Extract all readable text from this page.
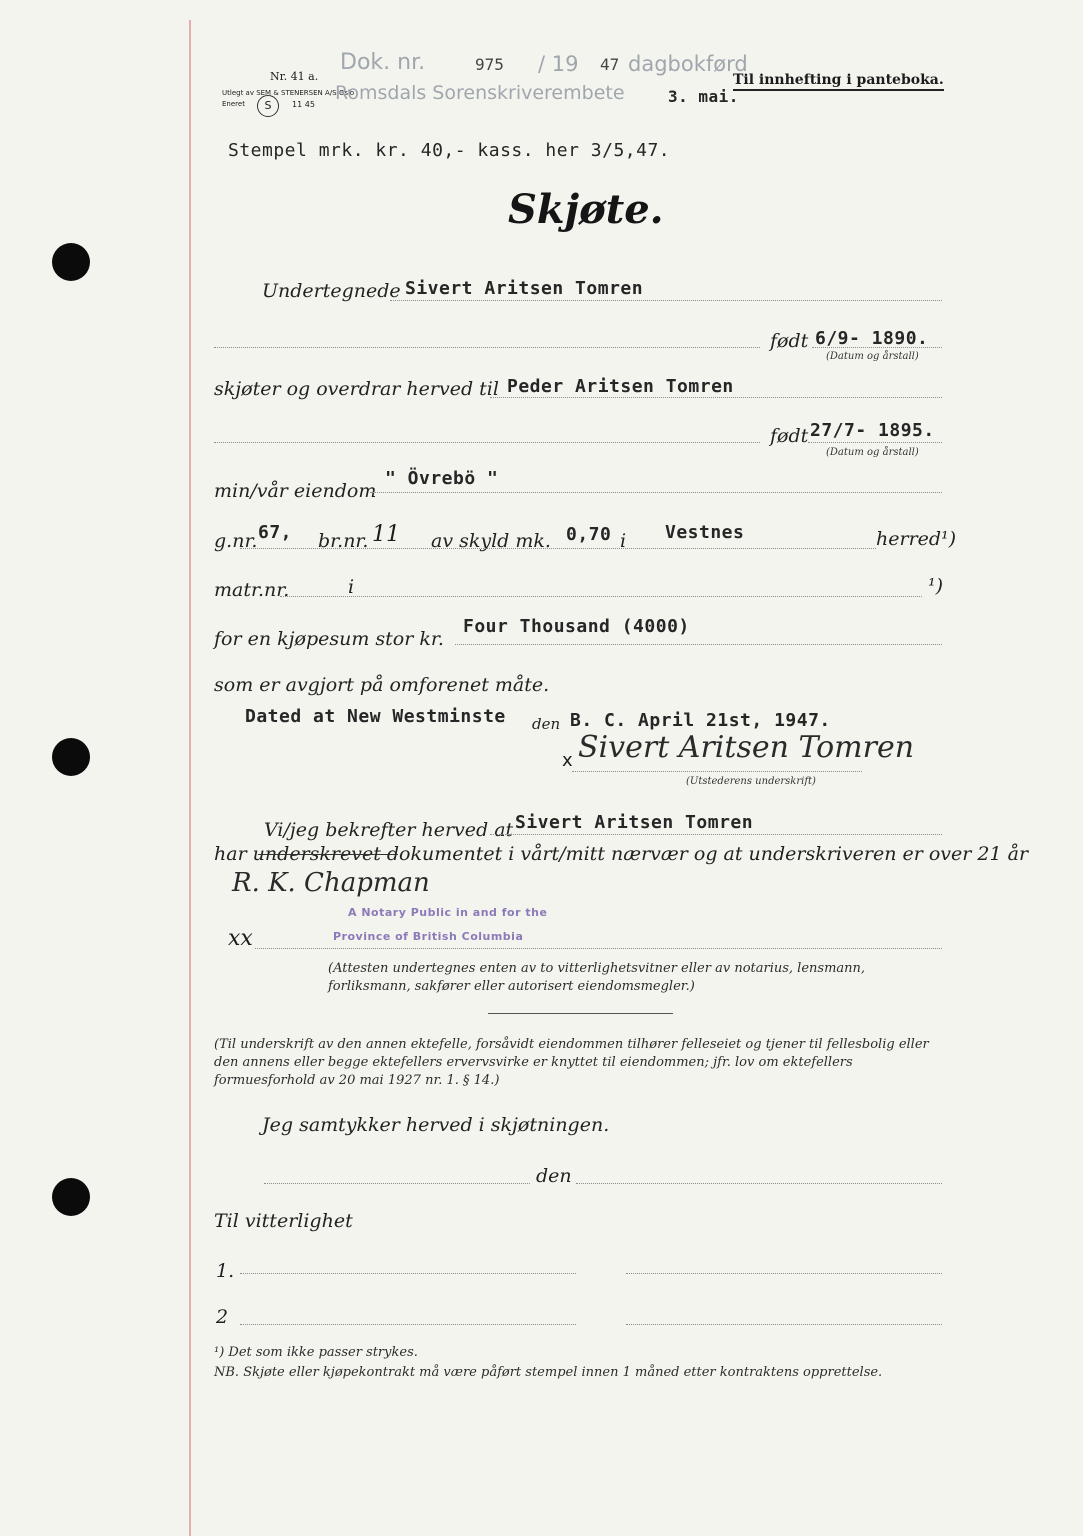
Nr. 41 a.
Utlegt av SEM & STENERSEN A/S Oslo
Eneret	S	11 45
Dok. nr.	975 / 19 47 dagbokførd
Romsdals Sorenskriverembete	3. mai.
Til innhefting i panteboka.
Stempel mrk. kr. 40,- kass. her 3/5,47.
Skjøte.
Undertegnede Sivert Aritsen Tomren
født 6/9- 1890.
(Datum og årstall)
skjøter og overdrar herved til Peder Aritsen Tomren
født 27/7- 1895.
(Datum og årstall)
min/vår eiendom
" Övrebö "
g.nr. 67, br.nr. 11 av skyld mk. 0,70 i Vestnes	herred¹)
matr.nr.	i	¹)
for en kjøpesum stor kr.
Four Thousand (4000)
som er avgjort på omforenet måte.
Dated at New Westminste den B. C. April 21st, 1947.
x Sivert Aritsen Tomren
(Utstederens underskrift)
Vi/jeg bekrefter herved at Sivert Aritsen Tomren
har underskrevet dokumentet i vårt/mitt nærvær og at underskriveren er over 21 år
R. K. Chapman
A Notary Public in and for the
xx	Province of British Columbia
(Attesten undertegnes enten av to vitterlighetsvitner eller av notarius, lensmann, forliksmann, sakfører eller autorisert eiendomsmegler.)
(Til underskrift av den annen ektefelle, forsåvidt eiendommen tilhører felleseiet og tjener til fellesbolig eller den annens eller begge ektefellers ervervsvirke er knyttet til eiendommen; jfr. lov om ektefellers formuesforhold av 20 mai 1927 nr. 1. § 14.)
Jeg samtykker herved i skjøtningen.
den
Til vitterlighet
1.
2
¹) Det som ikke passer strykes.
NB. Skjøte eller kjøpekontrakt må være påført stempel innen 1 måned etter kontraktens opprettelse.
